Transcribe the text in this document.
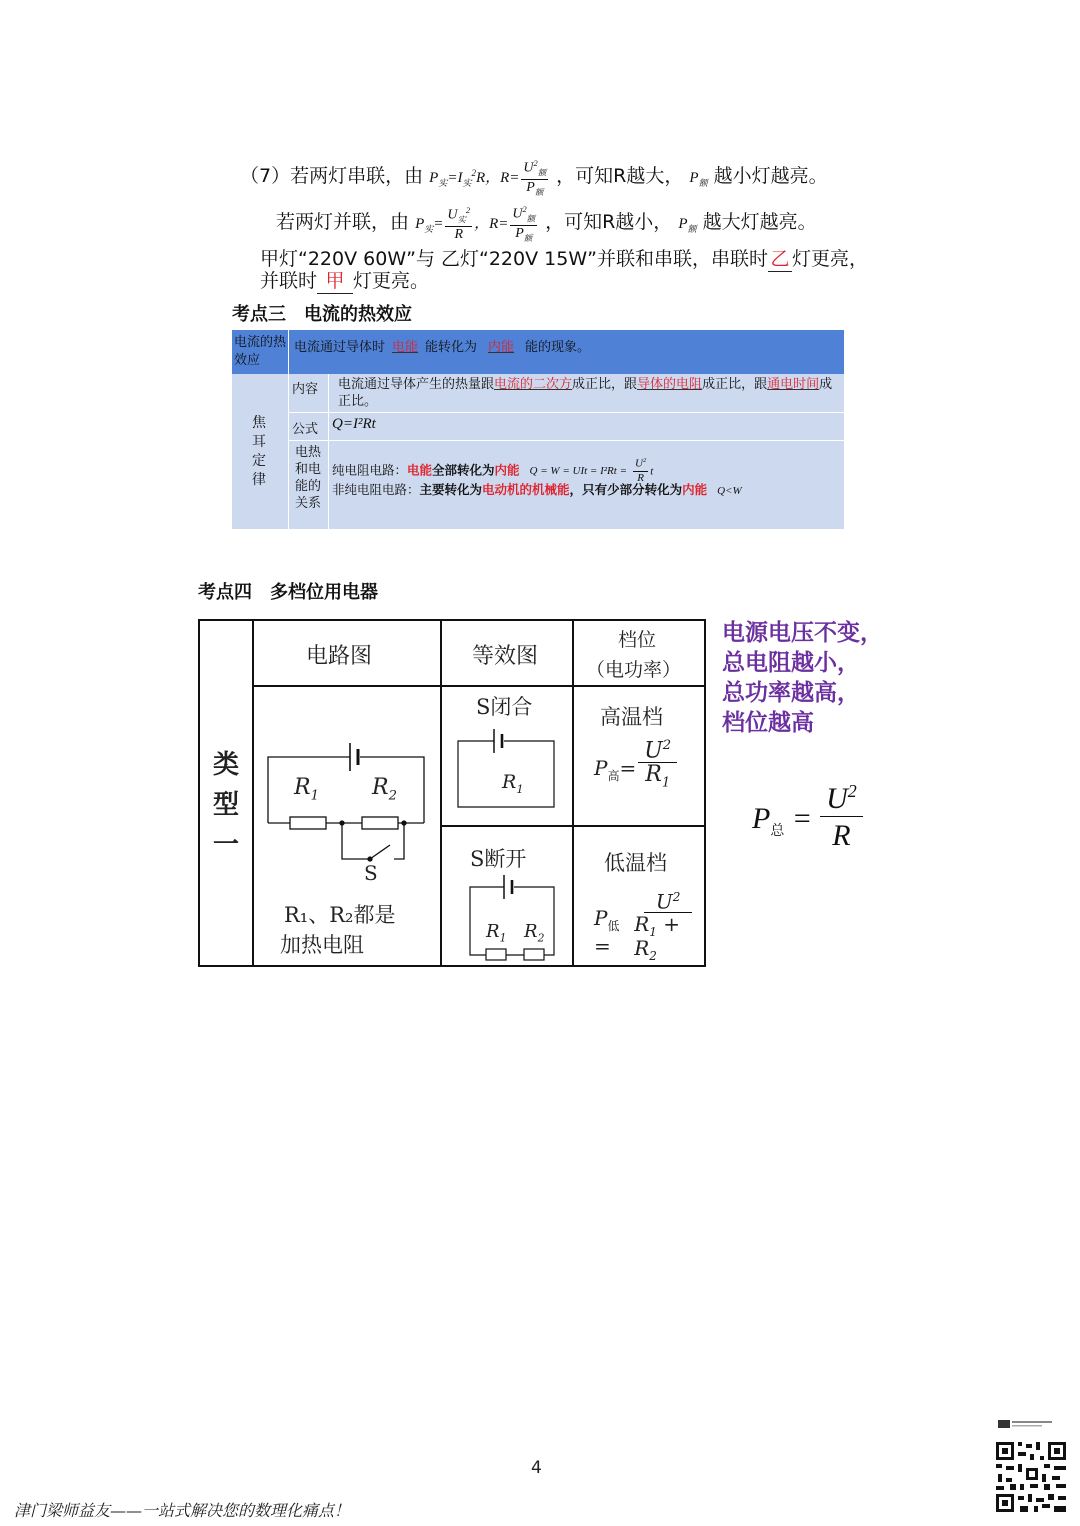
（7）若两灯串联，由 $P_实=I_实^2R$，$R= \frac{U^2_额}{P_额}$ ，可知R越大， $P_额$ 越小灯越亮。
若两灯并联，由 $P_实= \frac{U_实^2}{R}$ ，$R= \frac{U^2_额}{P_额}$ ，可知R越小， $P_额$ 越大灯越亮。
甲灯“220V 60W”与 乙灯“220V 15W”并联和串联，串联时 乙 灯更亮，
并联时 甲 灯更亮。
考点三　电流的热效应
电流的热效应
电流通过导体时 电能 能转化为 内能 能的现象。
焦耳定律
内容 电流通过导体产生的热量跟电流的二次方成正比，跟导体的电阻成正比，跟通电时间成正比。
公式 Q=I²Rt
电热和电能的关系
纯电阻电路：电能全部转化为内能 Q = W = UIt = $I^2Rt = \frac{U^2}{R}$ t
非纯电阻电路：主要转化为电动机的机械能，只有少部分转化为内能 Q<W
考点四　多档位用电器
类型一
电路图	等效图
档位
（电功率）
$R_1$ $R_2$
S
R₁、R₂都是
加热电阻
S闭合
$R_1$
S断开
$R_1$ $R_2$
高温档
$P_高= \frac{U^2}{R_1}$
低温档
$P_低=$	$\frac{U^2}{R_1 + R_2}$
电源电压不变，
总电阻越小，
总功率越高，
档位越高
$P_总 = \frac{U^2}{R}$
4
津门梁师益友——一站式解决您的数理化痛点！
